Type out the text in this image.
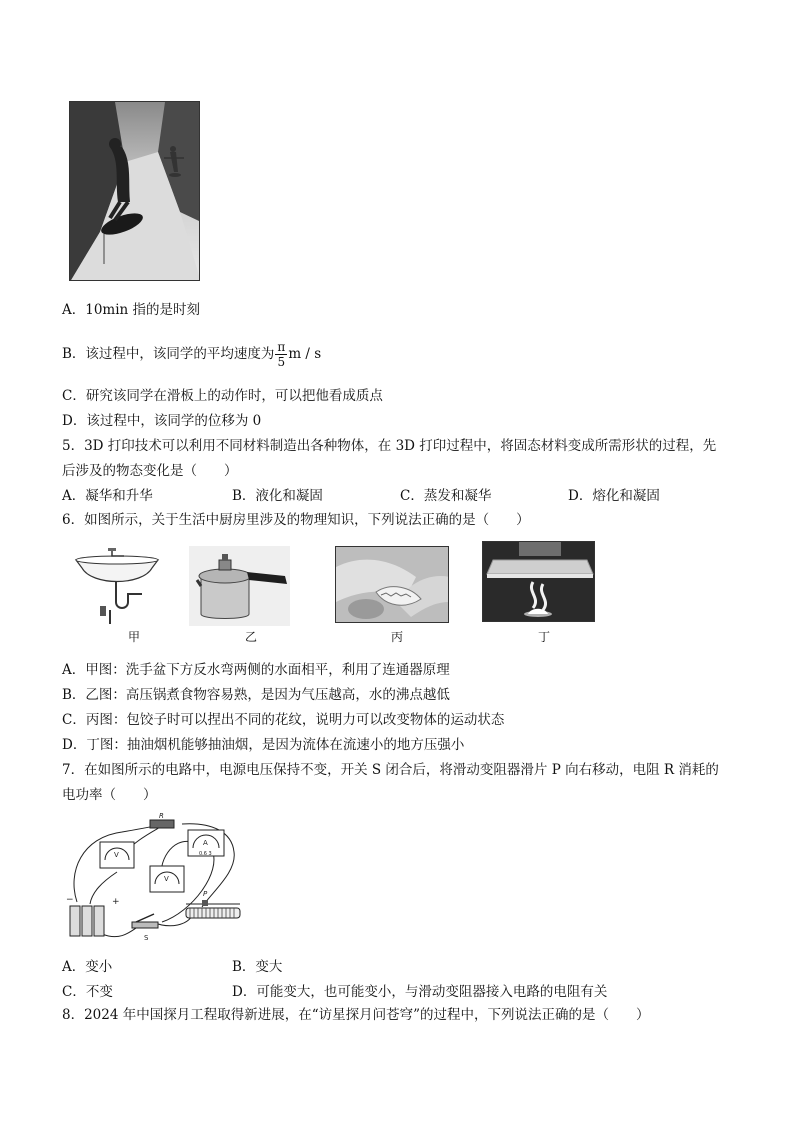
A．10min 指的是时刻
B．该过程中，该同学的平均速度为 $\frac{\pi}{5}$ m / s
C．研究该同学在滑板上的动作时，可以把他看成质点
D．该过程中，该同学的位移为 0
5．3D 打印技术可以利用不同材料制造出各种物体，在 3D 打印过程中，将固态材料变成所需形状的过程，先
后涉及的物态变化是（　　）
A．凝华和升华	B．液化和凝固	C．蒸发和凝华	D．熔化和凝固
6．如图所示，关于生活中厨房里涉及的物理知识，下列说法正确的是（　　）
甲	乙	丙	丁
A．甲图：洗手盆下方反水弯两侧的水面相平，利用了连通器原理
B．乙图：高压锅煮食物容易熟，是因为气压越高，水的沸点越低
C．丙图：包饺子时可以捏出不同的花纹，说明力可以改变物体的运动状态
D．丁图：抽油烟机能够抽油烟，是因为流体在流速小的地方压强小
7．在如图所示的电路中，电源电压保持不变，开关 S 闭合后，将滑动变阻器滑片 P 向右移动，电阻 R 消耗的
电功率（　　）
R
A
0.6 3
V
V
−	+
S
P
A．变小	B．变大
C．不变	D．可能变大，也可能变小，与滑动变阻器接入电路的电阻有关
8．2024 年中国探月工程取得新进展，在“访星探月问苍穹”的过程中，下列说法正确的是（　　）
